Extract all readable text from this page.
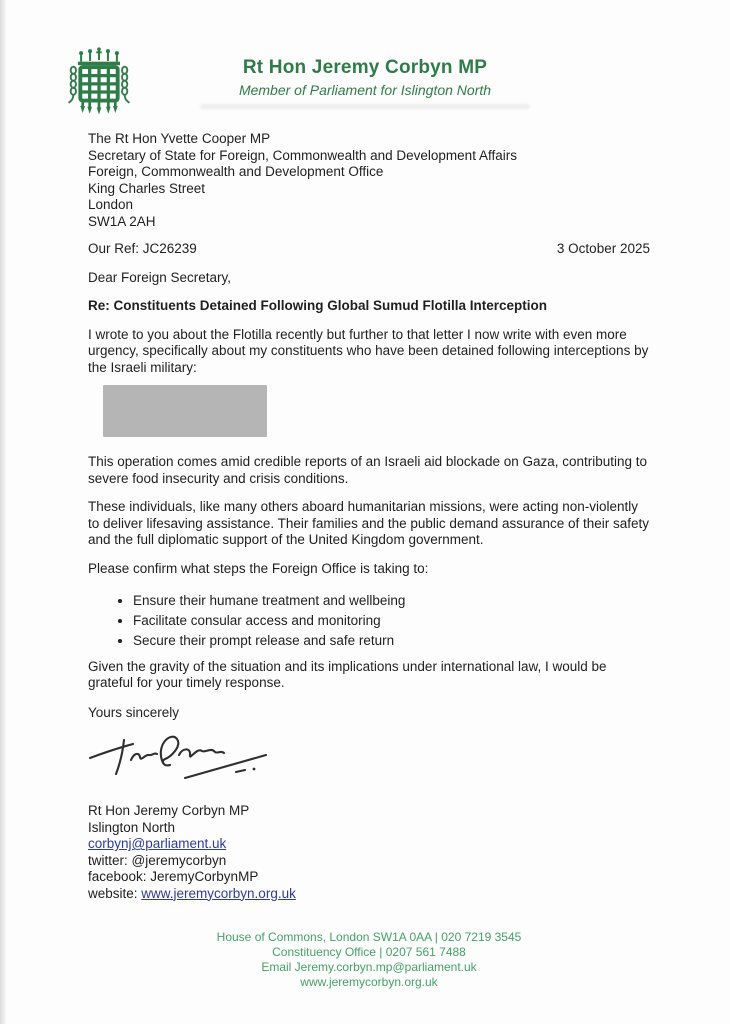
Rt Hon Jeremy Corbyn MP
Member of Parliament for Islington North
The Rt Hon Yvette Cooper MP
Secretary of State for Foreign, Commonwealth and Development Affairs
Foreign, Commonwealth and Development Office
King Charles Street
London
SW1A 2AH
Our Ref: JC26239	3 October 2025
Dear Foreign Secretary,
Re: Constituents Detained Following Global Sumud Flotilla Interception

I wrote to you about the Flotilla recently but further to that letter I now write with even more urgency, specifically about my constituents who have been detained following interceptions by the Israeli military:

This operation comes amid credible reports of an Israeli aid blockade on Gaza, contributing to severe food insecurity and crisis conditions.

These individuals, like many others aboard humanitarian missions, were acting non-violently to deliver lifesaving assistance. Their families and the public demand assurance of their safety and the full diplomatic support of the United Kingdom government.

Please confirm what steps the Foreign Office is taking to:

• Ensure their humane treatment and wellbeing
• Facilitate consular access and monitoring
• Secure their prompt release and safe return

Given the gravity of the situation and its implications under international law, I would be grateful for your timely response.

Yours sincerely
Rt Hon Jeremy Corbyn MP
Islington North
corbynj@parliament.uk
twitter: @jeremycorbyn
facebook: JeremyCorbynMP
website: www.jeremycorbyn.org.uk
House of Commons, London SW1A 0AA | 020 7219 3545
Constituency Office | 0207 561 7488
Email Jeremy.corbyn.mp@parliament.uk
www.jeremycorbyn.org.uk
